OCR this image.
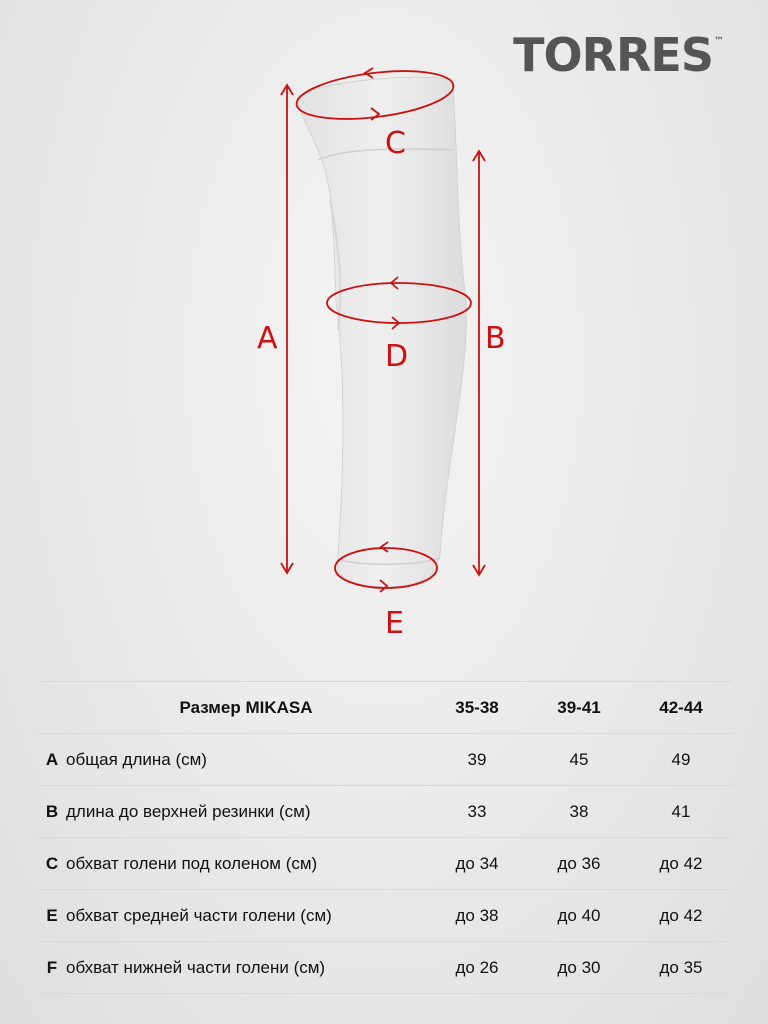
TORRES™
A	B
C
D
E
	Размер MIKASA	35-38	39-41	42-44
A	общая длина (см)	39	45	49
B	длина до верхней резинки (см)	33	38	41
C	обхват голени под коленом (см)	до 34	до 36	до 42
E	обхват средней части голени (см)	до 38	до 40	до 42
F	обхват нижней части голени (см)	до 26	до 30	до 35
